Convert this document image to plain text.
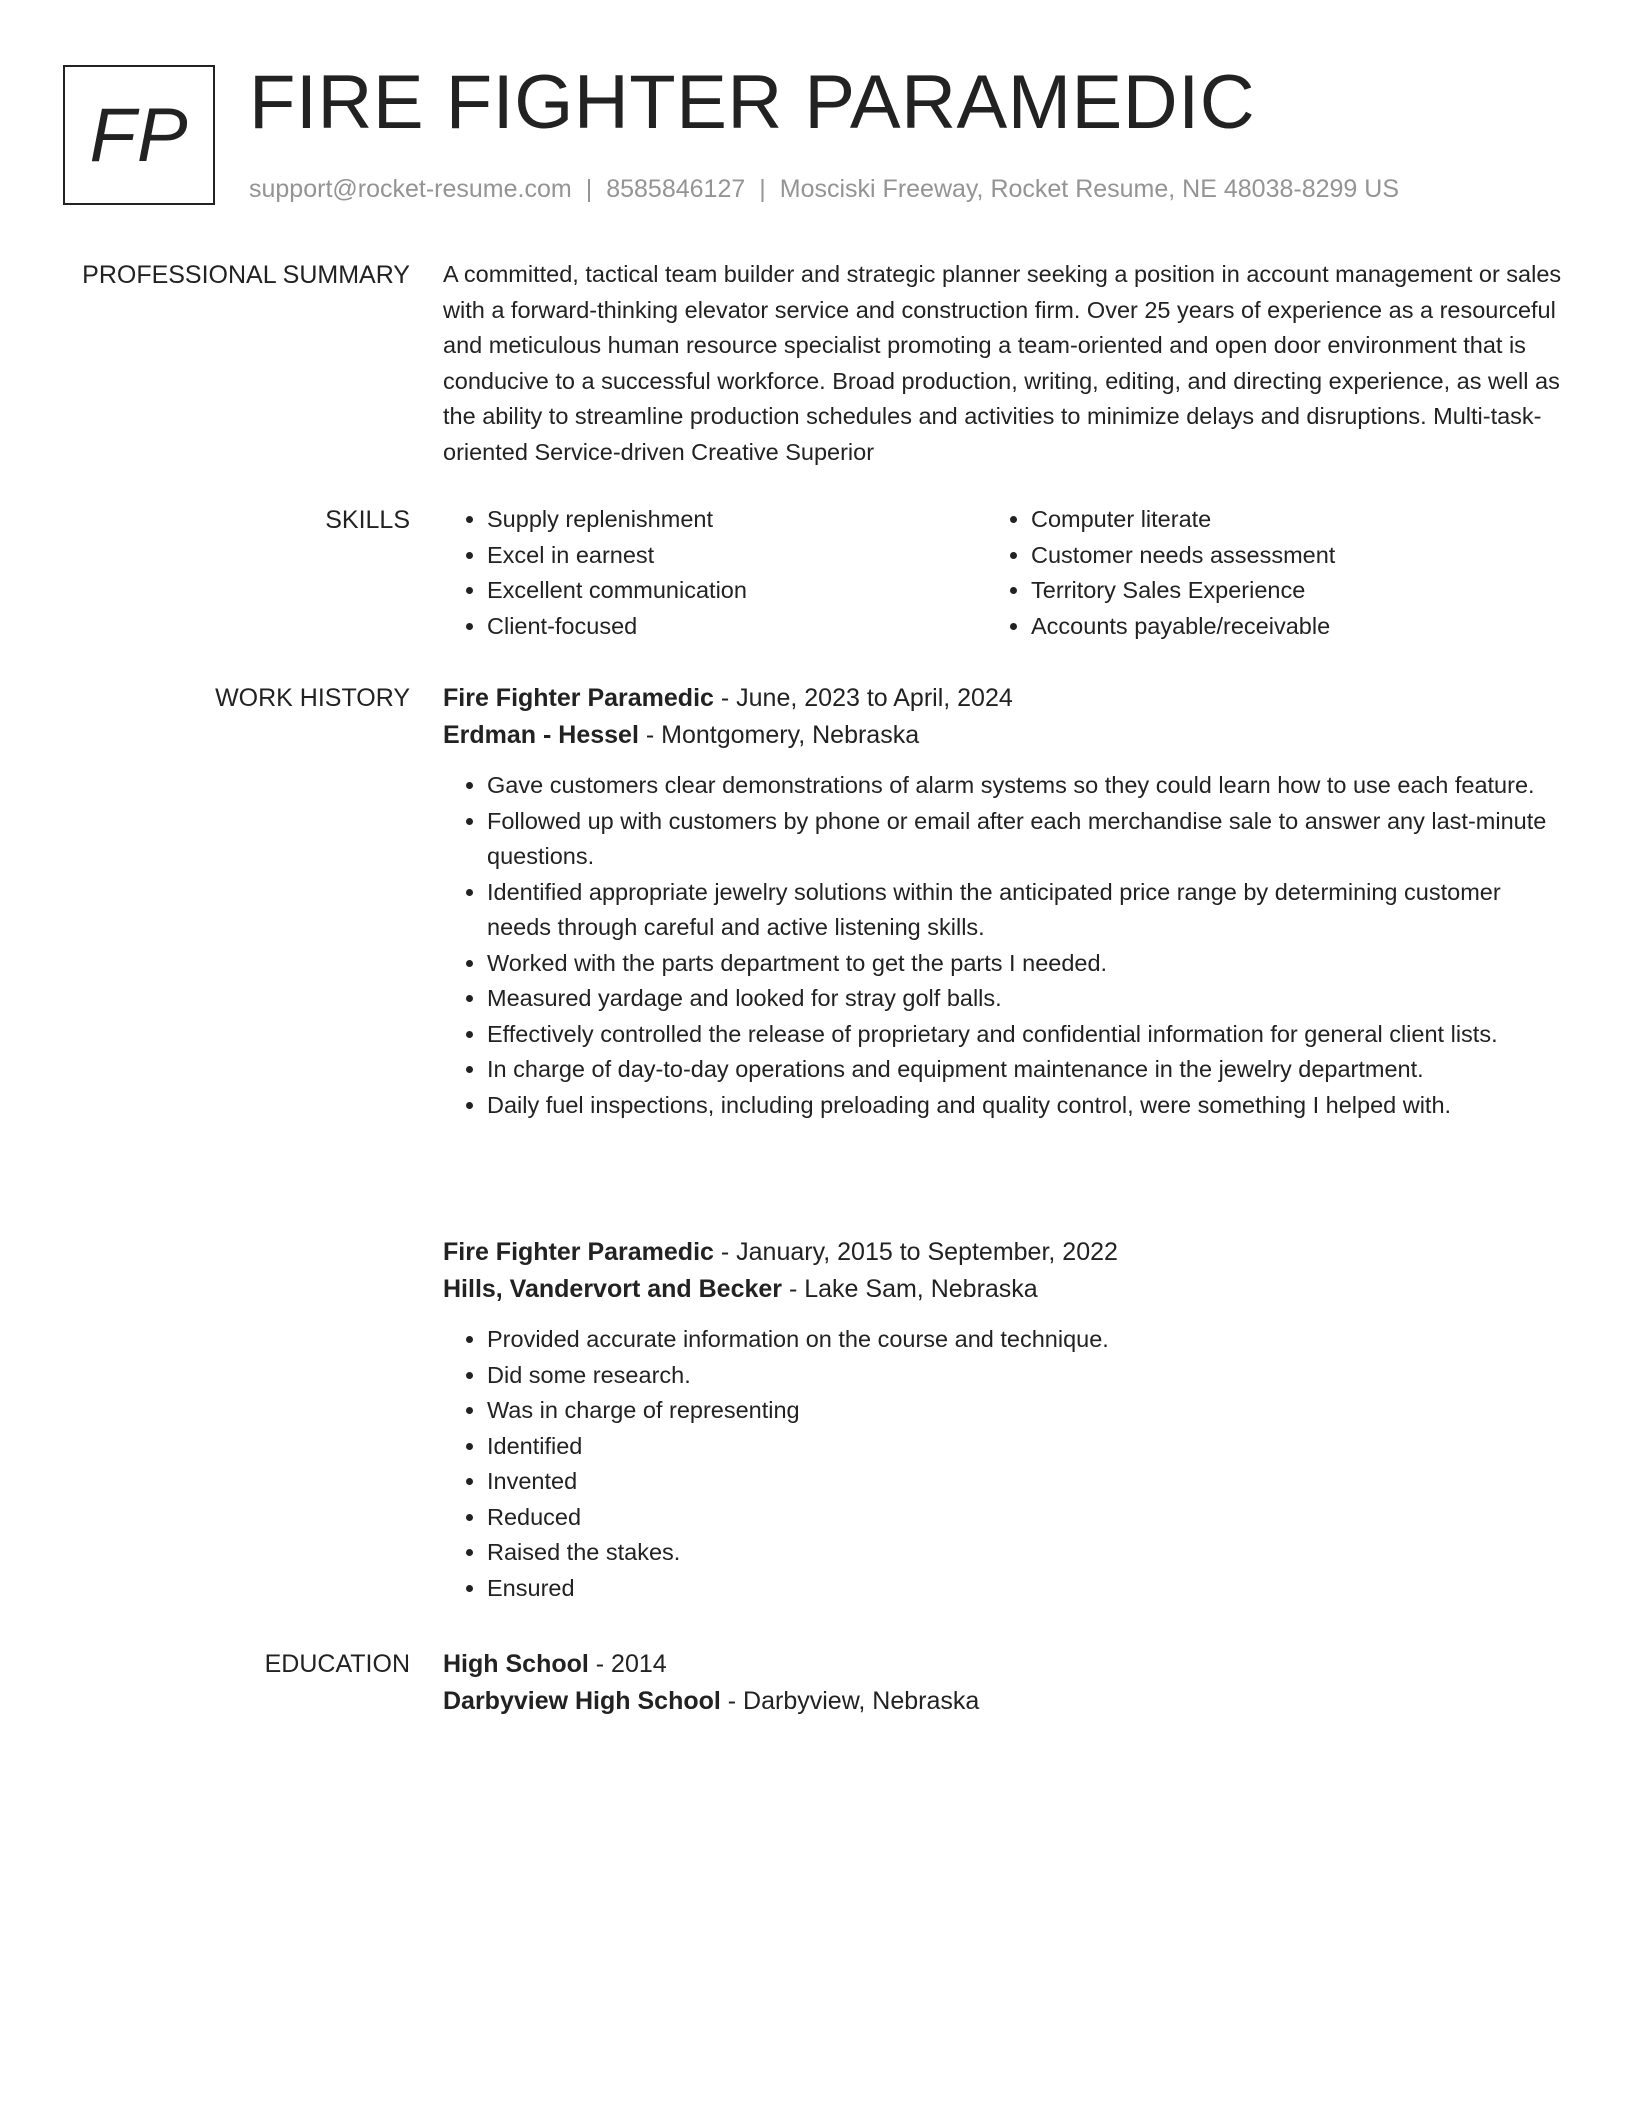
FP FIRE FIGHTER PARAMEDIC
support@rocket-resume.com | 8585846127 | Mosciski Freeway, Rocket Resume, NE 48038-8299 US
PROFESSIONAL SUMMARY A committed, tactical team builder and strategic planner seeking a position in account management or sales with a forward-thinking elevator service and construction firm. Over 25 years of experience as a resourceful and meticulous human resource specialist promoting a team-oriented and open door environment that is conducive to a successful workforce. Broad production, writing, editing, and directing experience, as well as the ability to streamline production schedules and activities to minimize delays and disruptions. Multi-task-oriented Service-driven Creative Superior

SKILLS
•	Supply replenishment
• Excel in earnest
• Excellent communication
• Client-focused
• Computer literate
• Customer needs assessment
• Territory Sales Experience
• Accounts payable/receivable
WORK HISTORY Fire Fighter Paramedic - June, 2023 to April, 2024
Erdman - Hessel - Montgomery, Nebraska
• Gave customers clear demonstrations of alarm systems so they could learn how to use each feature.
• Followed up with customers by phone or email after each merchandise sale to answer any last-minute questions.
• Identified appropriate jewelry solutions within the anticipated price range by determining customer needs through careful and active listening skills.
• Worked with the parts department to get the parts I needed.
• Measured yardage and looked for stray golf balls.
• Effectively controlled the release of proprietary and confidential information for general client lists.
• In charge of day-to-day operations and equipment maintenance in the jewelry department.
• Daily fuel inspections, including preloading and quality control, were something I helped with.
Fire Fighter Paramedic - January, 2015 to September, 2022
Hills, Vandervort and Becker - Lake Sam, Nebraska
• Provided accurate information on the course and technique.
• Did some research.
• Was in charge of representing
• Identified
• Invented
• Reduced
• Raised the stakes.
• Ensured
EDUCATION High School - 2014
Darbyview High School - Darbyview, Nebraska
